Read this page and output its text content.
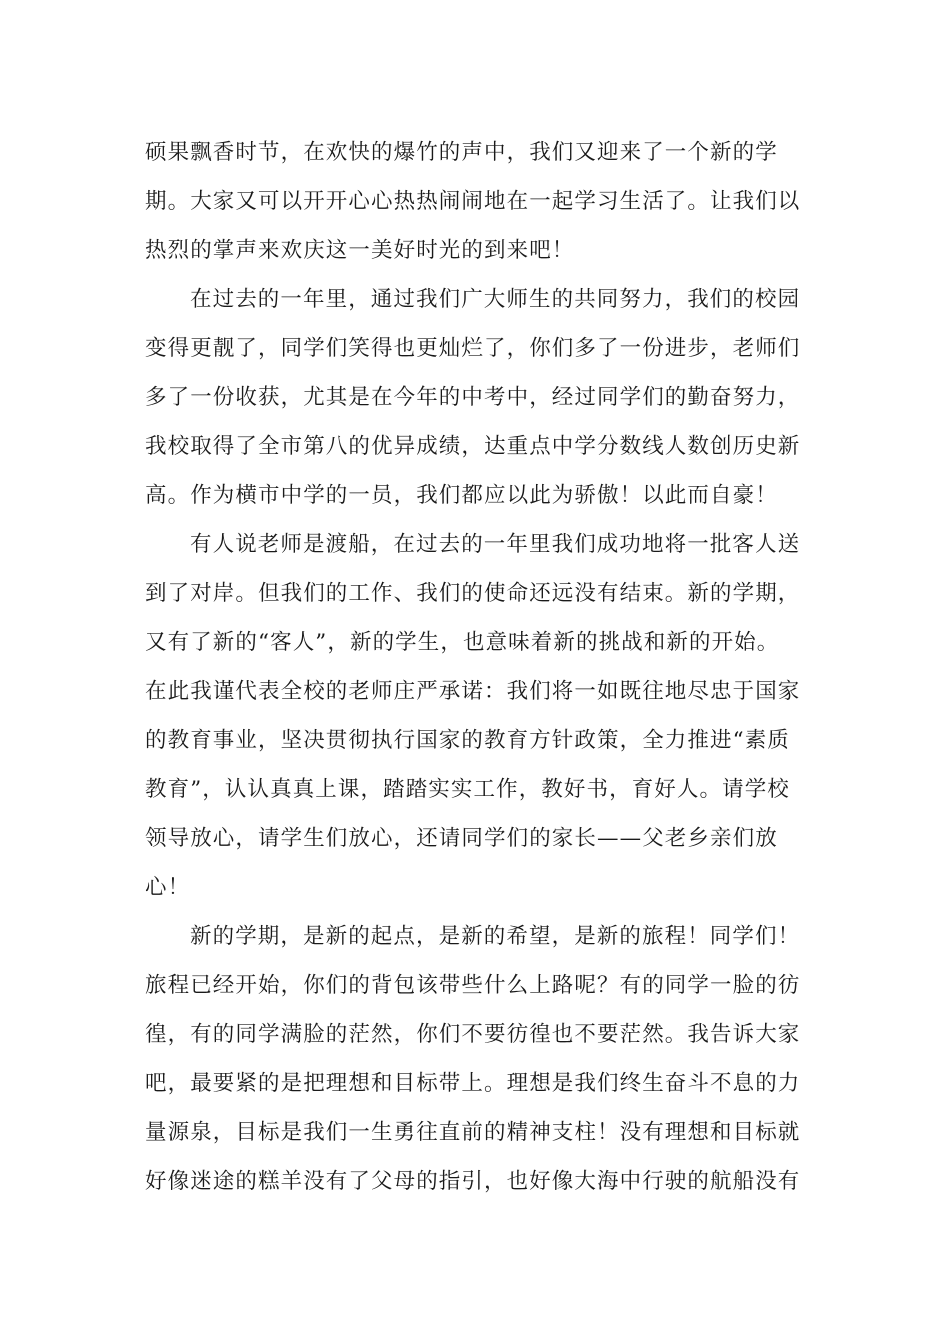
硕果飘香时节，在欢快的爆竹的声中，我们又迎来了一个新的学
期。大家又可以开开心心热热闹闹地在一起学习生活了。让我们以
热烈的掌声来欢庆这一美好时光的到来吧！
在过去的一年里，通过我们广大师生的共同努力，我们的校园
变得更靓了，同学们笑得也更灿烂了，你们多了一份进步，老师们
多了一份收获，尤其是在今年的中考中，经过同学们的勤奋努力，
我校取得了全市第八的优异成绩，达重点中学分数线人数创历史新
高。作为横市中学的一员，我们都应以此为骄傲！以此而自豪！
有人说老师是渡船，在过去的一年里我们成功地将一批客人送
到了对岸。但我们的工作、我们的使命还远没有结束。新的学期，
又有了新的“客人”，新的学生，也意味着新的挑战和新的开始。
在此我谨代表全校的老师庄严承诺：我们将一如既往地尽忠于国家
的教育事业，坚决贯彻执行国家的教育方针政策，全力推进“素质
教育”，认认真真上课，踏踏实实工作，教好书，育好人。请学校
领导放心，请学生们放心，还请同学们的家长——父老乡亲们放
心！
新的学期，是新的起点，是新的希望，是新的旅程！同学们！
旅程已经开始，你们的背包该带些什么上路呢？有的同学一脸的彷
徨，有的同学满脸的茫然，你们不要彷徨也不要茫然。我告诉大家
吧，最要紧的是把理想和目标带上。理想是我们终生奋斗不息的力
量源泉，目标是我们一生勇往直前的精神支柱！没有理想和目标就
好像迷途的糕羊没有了父母的指引，也好像大海中行驶的航船没有
